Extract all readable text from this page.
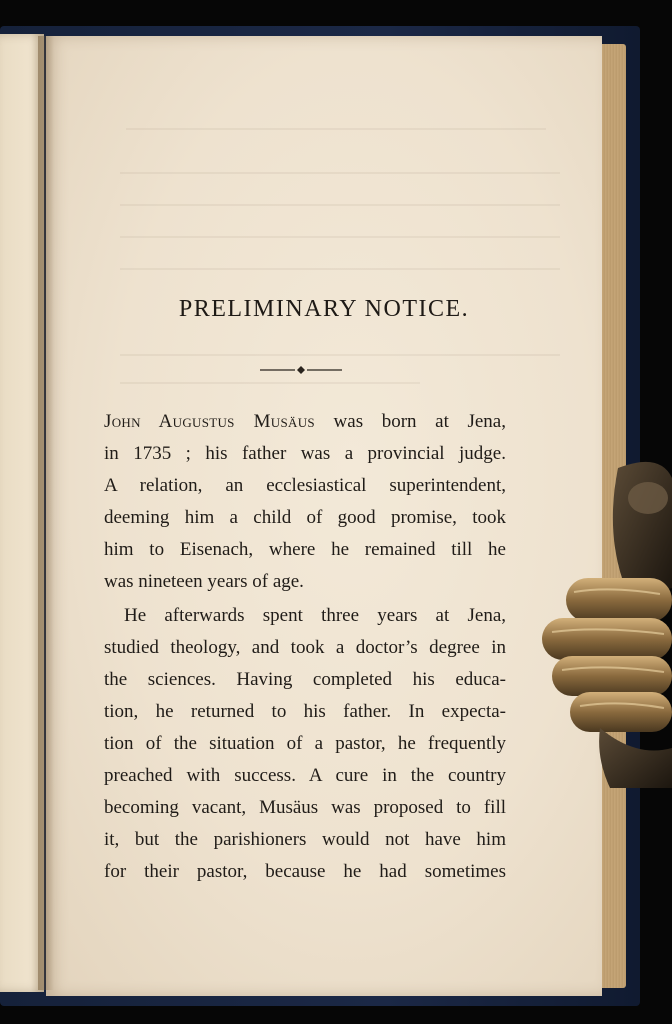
PRELIMINARY NOTICE.
John Augustus Musäus was born at Jena,
in 1735 ; his father was a provincial judge.
A relation, an ecclesiastical superintendent,
deeming him a child of good promise, took
him to Eisenach, where he remained till he
was nineteen years of age.
He afterwards spent three years at Jena,
studied theology, and took a doctor’s degree in
the sciences. Having completed his educa-
tion, he returned to his father. In expecta-
tion of the situation of a pastor, he frequently
preached with success. A cure in the country
becoming vacant, Musäus was proposed to fill
it, but the parishioners would not have him
for their pastor, because he had sometimes
